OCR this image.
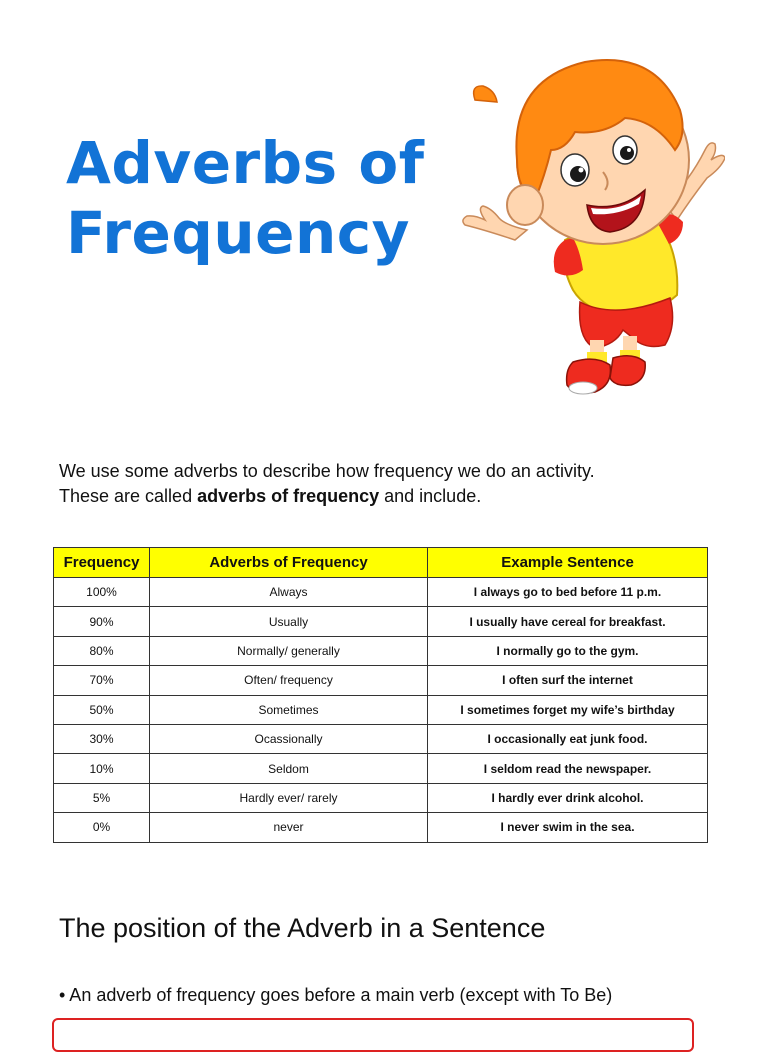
Adverbs of
Frequency
We use some adverbs to describe how frequency we do an activity.
These are called adverbs of frequency and include.
Frequency	Adverbs of Frequency	Example Sentence
100%	Always	I always go to bed before 11 p.m.
90%	Usually	I usually have cereal for breakfast.
80%	Normally/ generally	I normally go to the gym.
70%	Often/ frequency	I often surf the internet
50%	Sometimes	I sometimes forget my wife’s birthday
30%	Ocassionally	I occasionally eat junk food.
10%	Seldom	I seldom read the newspaper.
5%	Hardly ever/ rarely	I hardly ever drink alcohol.
0%	never	I never swim in the sea.
The position of the Adverb in a Sentence
• An adverb of frequency goes before a main verb (except with To Be)
